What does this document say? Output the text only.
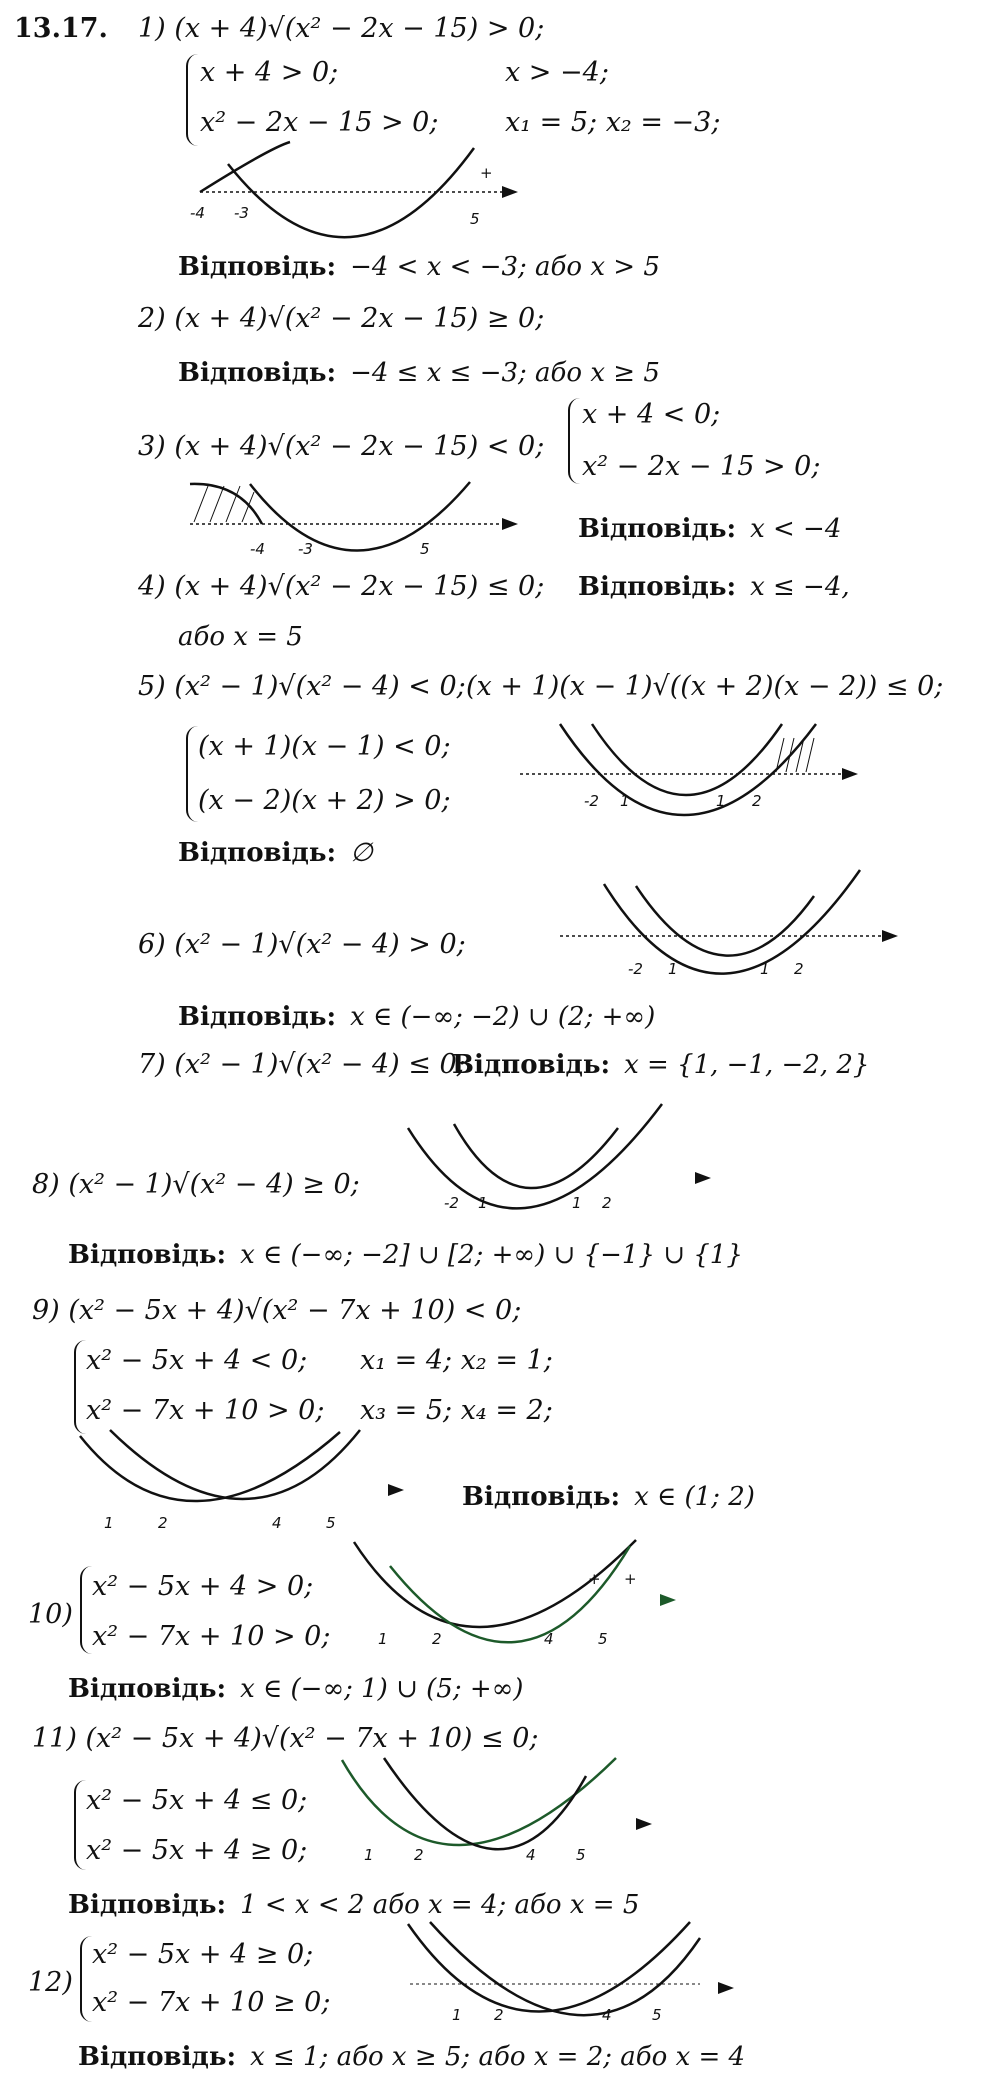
13.17. 1) (x + 4)√(x² − 2x − 15) > 0;
x + 4 > 0;	x > −4;
x² − 2x − 15 > 0; x₁ = 5; x₂ = −3;
-4 -3	5
+
Відповідь: −4 < x < −3; або x > 5
2) (x + 4)√(x² − 2x − 15) ≥ 0;
Відповідь: −4 ≤ x ≤ −3; або x ≥ 5
3) (x + 4)√(x² − 2x − 15) < 0;
x + 4 < 0;
x² − 2x − 15 > 0;
-4 -3	5
Відповідь: x < −4
4) (x + 4)√(x² − 2x − 15) ≤ 0; Відповідь: x ≤ −4,
або x = 5
5) (x² − 1)√(x² − 4) < 0; (x + 1)(x − 1)√((x + 2)(x − 2)) ≤ 0;
(x + 1)(x − 1) < 0;
(x − 2)(x + 2) > 0;	-2 1	1 2
Відповідь: ∅
6) (x² − 1)√(x² − 4) > 0;
-2 1	1 2
Відповідь: x ∈ (−∞; −2) ∪ (2; +∞)
7) (x² − 1)√(x² − 4) ≤ 0;
Відповідь: x = {1, −1, −2, 2}
8) (x² − 1)√(x² − 4) ≥ 0;
-2 1	1 2
Відповідь: x ∈ (−∞; −2] ∪ [2; +∞) ∪ {−1} ∪ {1}
9) (x² − 5x + 4)√(x² − 7x + 10) < 0;
x² − 5x + 4 < 0; x₁ = 4; x₂ = 1;
x² − 7x + 10 > 0; x₃ = 5; x₄ = 2;
1	2	4	5
Відповідь: x ∈ (1; 2)
10)
x² − 5x + 4 > 0;
x² − 7x + 10 > 0;	1	2	4	5
+ +
Відповідь: x ∈ (−∞; 1) ∪ (5; +∞)
11) (x² − 5x + 4)√(x² − 7x + 10) ≤ 0;
x² − 5x + 4 ≤ 0;
x² − 5x + 4 ≥ 0;	1	2	4	5
Відповідь: 1 < x < 2 або x = 4; або x = 5
12)
x² − 5x + 4 ≥ 0;
x² − 7x + 10 ≥ 0;	1 2	4	5
Відповідь: x ≤ 1; або x ≥ 5; або x = 2; або x = 4
